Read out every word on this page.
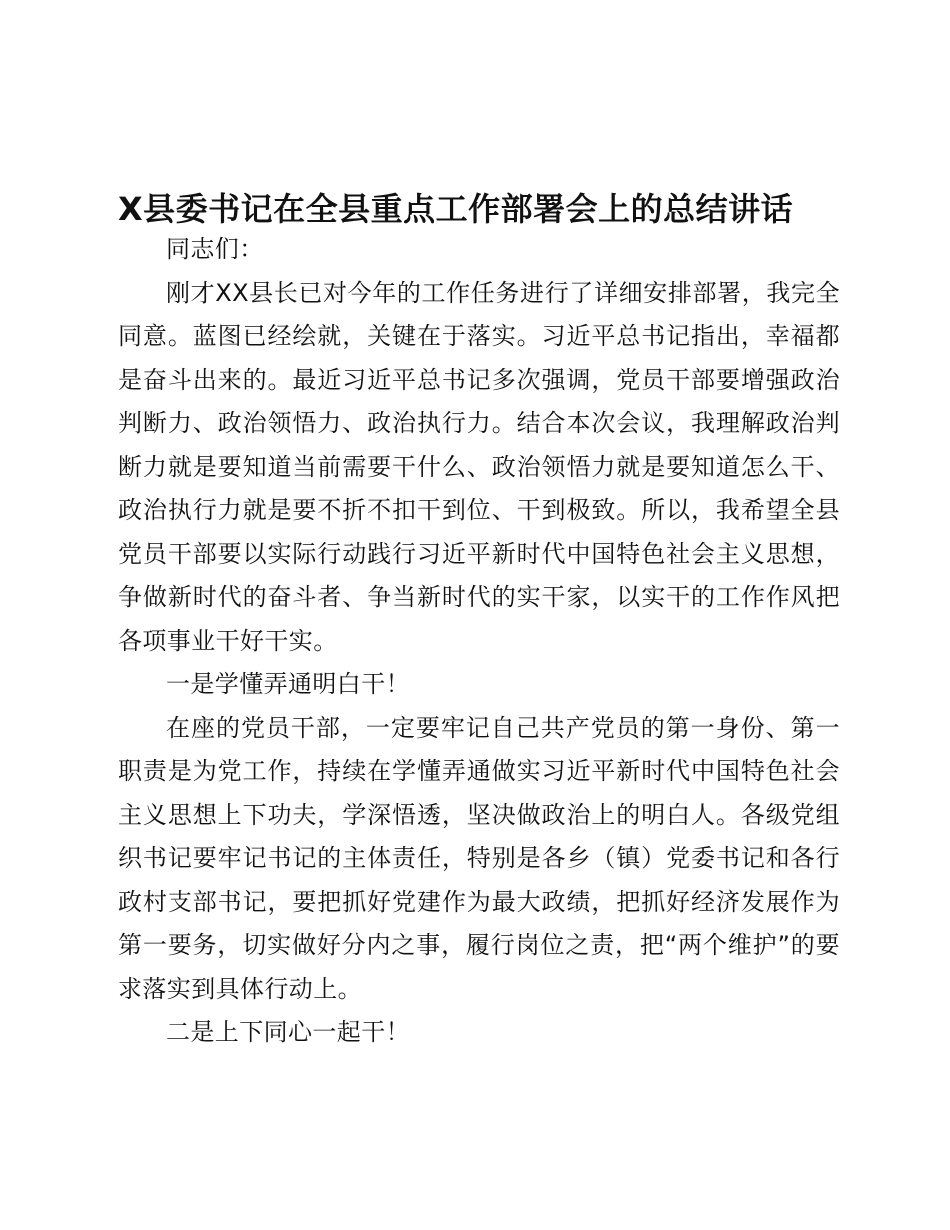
X县委书记在全县重点工作部署会上的总结讲话

同志们：

刚才XX县长已对今年的工作任务进行了详细安排部署，我完全同意。蓝图已经绘就，关键在于落实。习近平总书记指出，幸福都是奋斗出来的。最近习近平总书记多次强调，党员干部要增强政治判断力、政治领悟力、政治执行力。结合本次会议，我理解政治判断力就是要知道当前需要干什么、政治领悟力就是要知道怎么干、政治执行力就是要不折不扣干到位、干到极致。所以，我希望全县党员干部要以实际行动践行习近平新时代中国特色社会主义思想，争做新时代的奋斗者、争当新时代的实干家，以实干的工作作风把各项事业干好干实。

一是学懂弄通明白干！

在座的党员干部，一定要牢记自己共产党员的第一身份、第一职责是为党工作，持续在学懂弄通做实习近平新时代中国特色社会主义思想上下功夫，学深悟透，坚决做政治上的明白人。各级党组织书记要牢记书记的主体责任，特别是各乡（镇）党委书记和各行政村支部书记，要把抓好党建作为最大政绩，把抓好经济发展作为第一要务，切实做好分内之事，履行岗位之责，把“两个维护”的要求落实到具体行动上。

二是上下同心一起干！
